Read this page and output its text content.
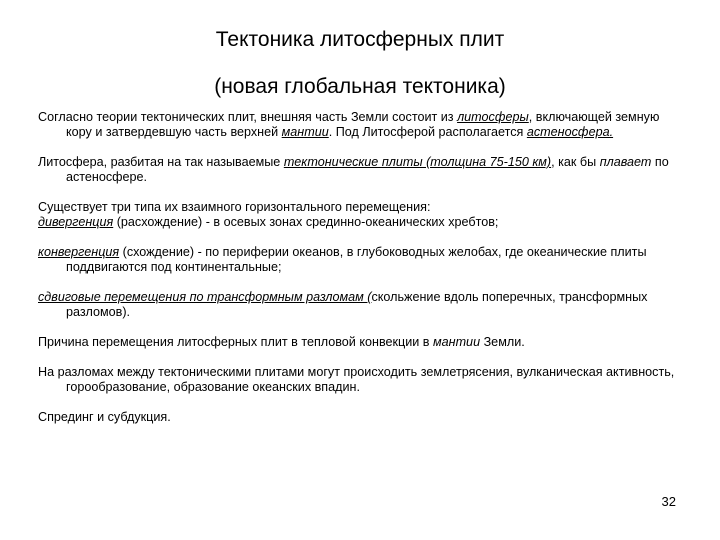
Тектоника литосферных плит
(новая глобальная тектоника)

Согласно теории тектонических плит, внешняя часть Земли состоит из литосферы, включающей земную кору и затвердевшую часть верхней мантии. Под Литосферой располагается астеносфера.

Литосфера, разбитая на так называемые тектонические плиты (толщина 75-150 км), как бы плавает по астеносфере.

Существует три типа их взаимного горизонтального перемещения:

дивергенция (расхождение) - в осевых зонах срединно-океанических хребтов;

конвергенция (схождение) - по периферии океанов, в глубоководных желобах, где океанические плиты поддвигаются под континентальные;

сдвиговые перемещения по трансформным разломам (скольжение вдоль поперечных, трансформных разломов).

Причина перемещения литосферных плит в тепловой конвекции в мантии Земли.

На разломах между тектоническими плитами могут происходить землетрясения, вулканическая активность, горообразование, образование океанских впадин.

Спрединг и субдукция.

32
